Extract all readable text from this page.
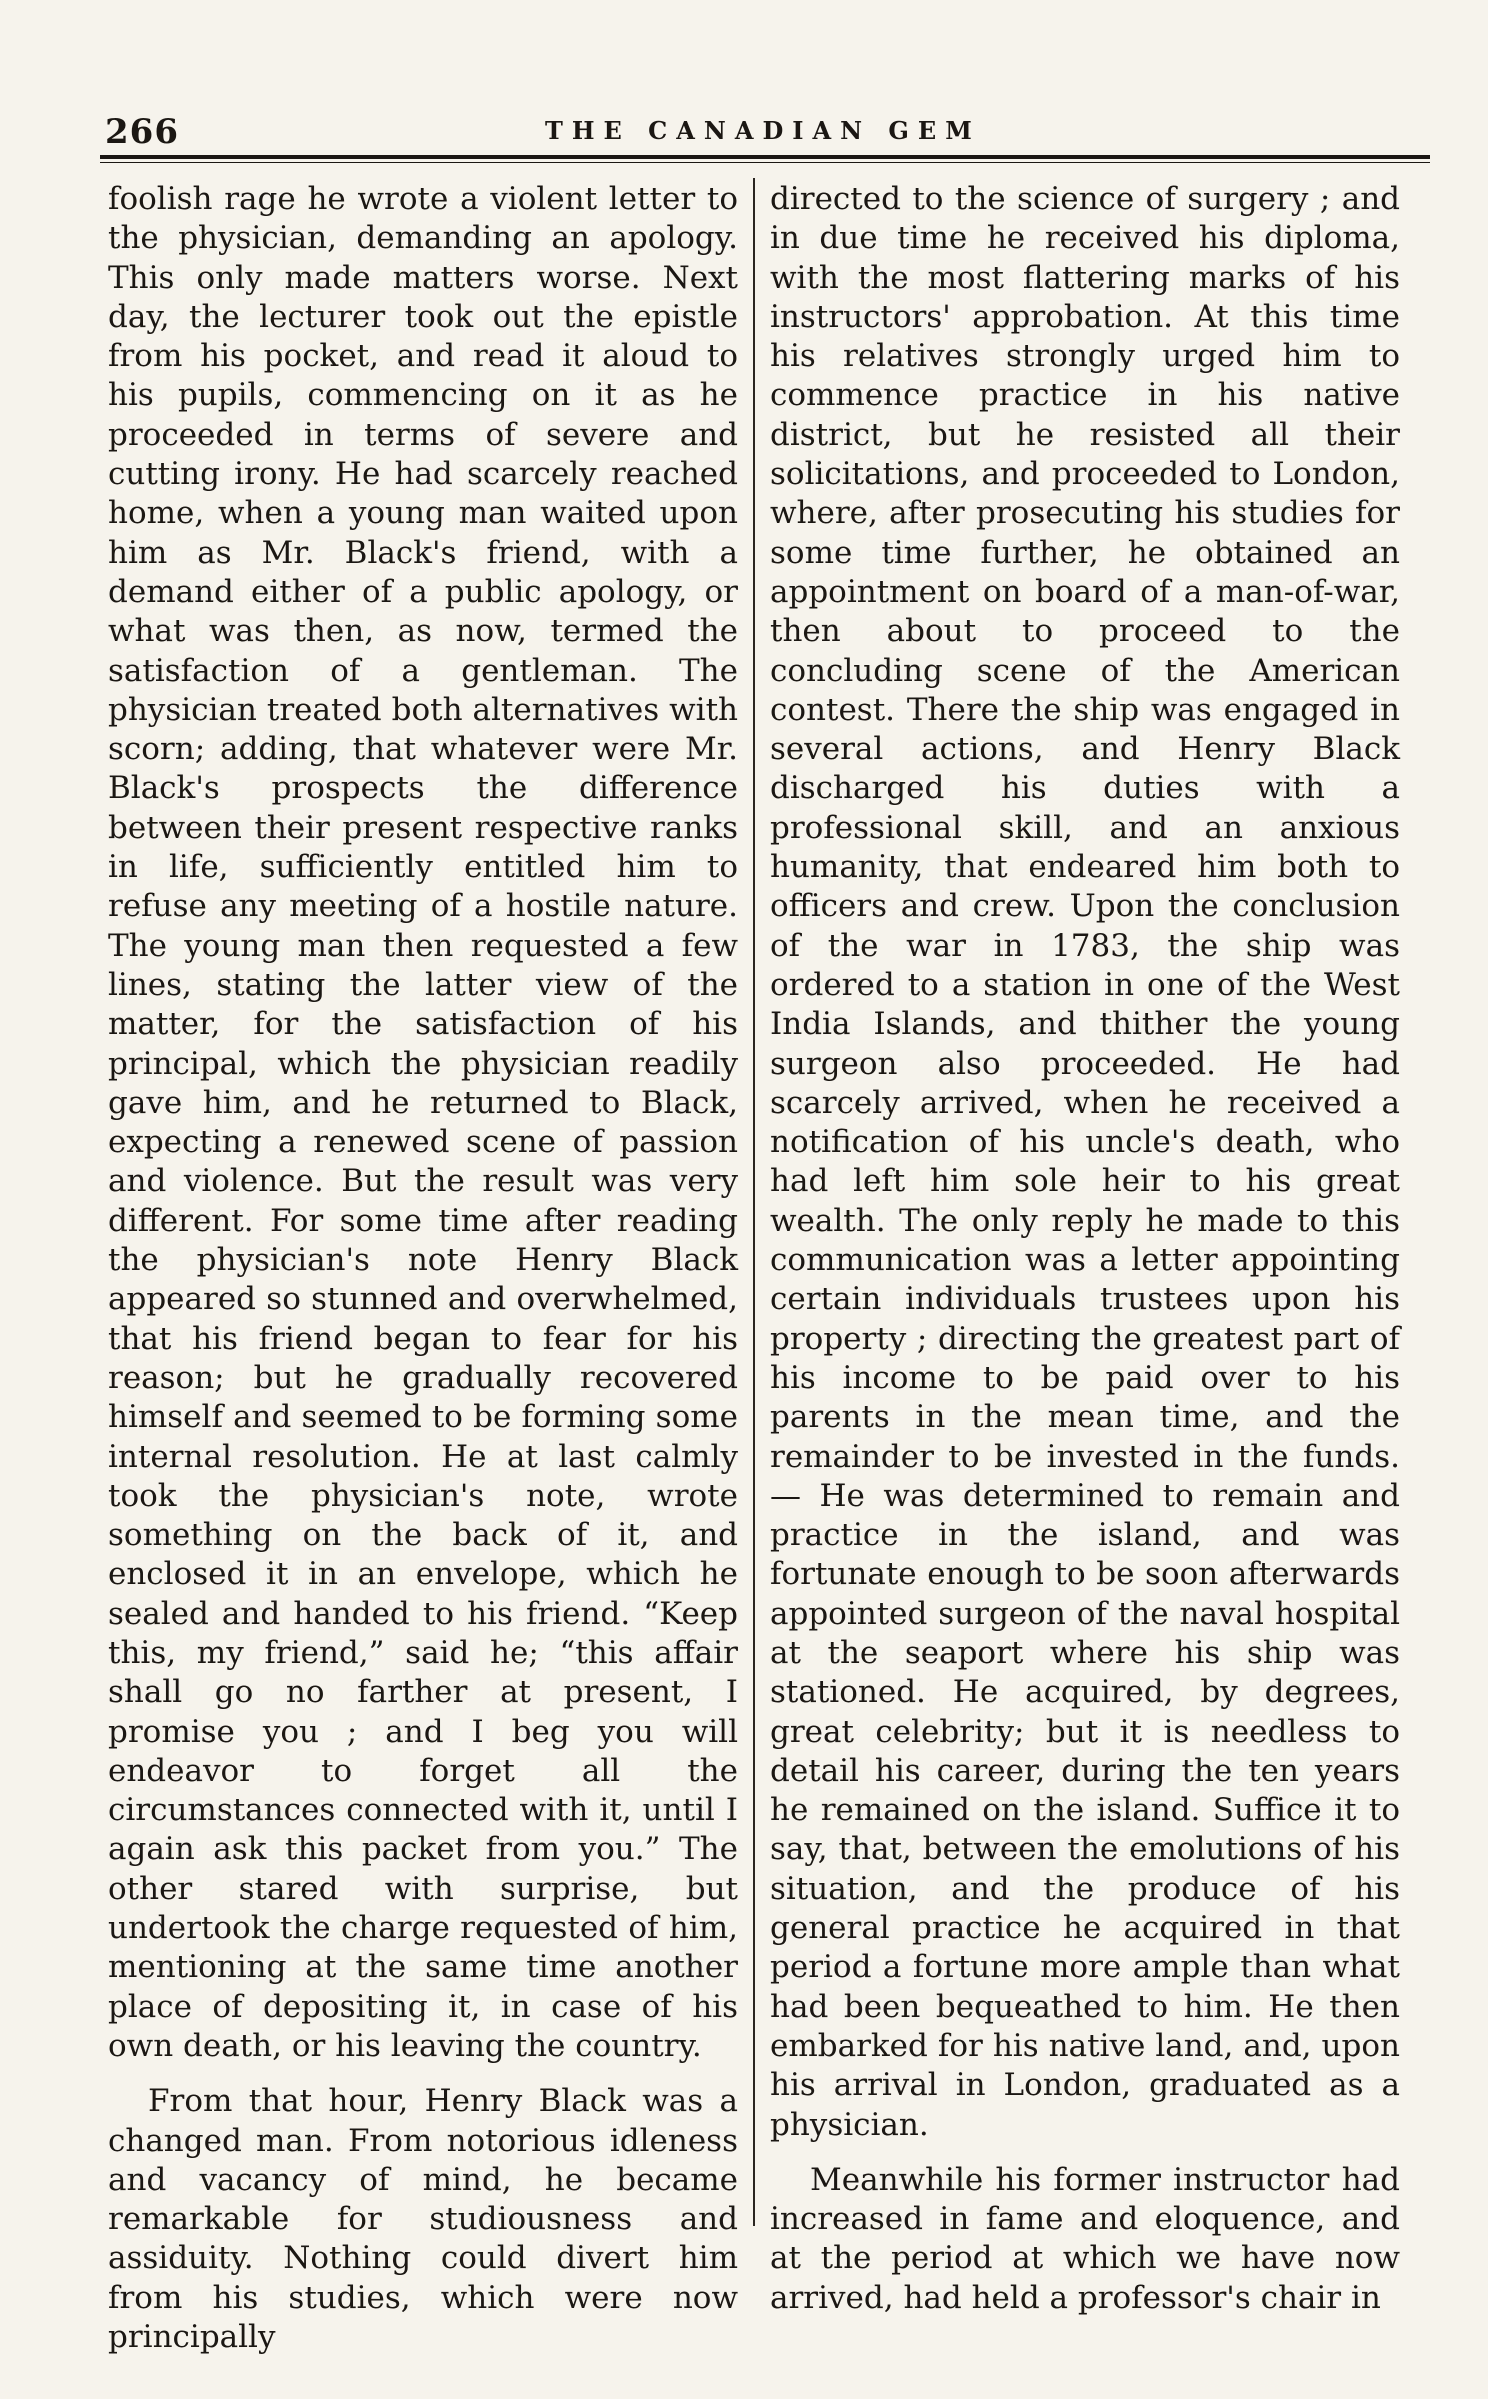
266	THE CANADIAN GEM

foolish rage he wrote a violent letter to the physician, demanding an apology. This only made matters worse. Next day, the lecturer took out the epistle from his pocket, and read it aloud to his pupils, commencing on it as he proceeded in terms of severe and cutting irony. He had scarcely reached home, when a young man waited upon him as Mr. Black's friend, with a demand either of a public apology, or what was then, as now, termed the satisfaction of a gentleman. The physician treated both alternatives with scorn; adding, that whatever were Mr. Black's prospects the difference between their present respective ranks in life, sufficiently entitled him to refuse any meeting of a hostile nature. The young man then requested a few lines, stating the latter view of the matter, for the satisfaction of his principal, which the physician readily gave him, and he returned to Black, expecting a renewed scene of passion and violence. But the result was very different. For some time after reading the physician's note Henry Black appeared so stunned and overwhelmed, that his friend began to fear for his reason; but he gradually recovered himself and seemed to be forming some internal resolution. He at last calmly took the physician's note, wrote something on the back of it, and enclosed it in an envelope, which he sealed and handed to his friend. “Keep this, my friend,” said he; “this affair shall go no farther at present, I promise you ; and I beg you will endeavor to forget all the circumstances connected with it, until I again ask this packet from you.” The other stared with surprise, but undertook the charge requested of him, mentioning at the same time another place of depositing it, in case of his own death, or his leaving the country.

From that hour, Henry Black was a changed man. From notorious idleness and vacancy of mind, he became remarkable for studiousness and assiduity. Nothing could divert him from his studies, which were now principally

directed to the science of surgery ; and in due time he received his diploma, with the most flattering marks of his instructors' approbation. At this time his relatives strongly urged him to commence practice in his native district, but he resisted all their solicitations, and proceeded to London, where, after prosecuting his studies for some time further, he obtained an appointment on board of a man-of-war, then about to proceed to the concluding scene of the American contest. There the ship was engaged in several actions, and Henry Black discharged his duties with a professional skill, and an anxious humanity, that endeared him both to officers and crew. Upon the conclusion of the war in 1783, the ship was ordered to a station in one of the West India Islands, and thither the young surgeon also proceeded. He had scarcely arrived, when he received a notification of his uncle's death, who had left him sole heir to his great wealth. The only reply he made to this communication was a letter appointing certain individuals trustees upon his property ; directing the greatest part of his income to be paid over to his parents in the mean time, and the remainder to be invested in the funds.— He was determined to remain and practice in the island, and was fortunate enough to be soon afterwards appointed surgeon of the naval hospital at the seaport where his ship was stationed. He acquired, by degrees, great celebrity; but it is needless to detail his career, during the ten years he remained on the island. Suffice it to say, that, between the emolutions of his situation, and the produce of his general practice he acquired in that period a fortune more ample than what had been bequeathed to him. He then embarked for his native land, and, upon his arrival in London, graduated as a physician.

Meanwhile his former instructor had increased in fame and eloquence, and at the period at which we have now arrived, had held a professor's chair in
